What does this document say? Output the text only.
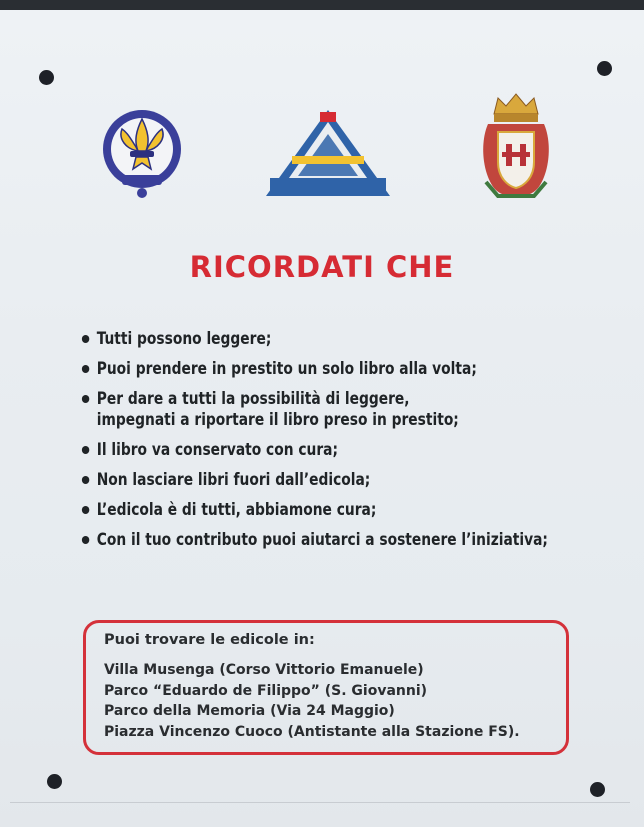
RICORDATI CHE
Tutti possono leggere;
Puoi prendere in prestito un solo libro alla volta;
Per dare a tutti la possibilità di leggere,
impegnati a riportare il libro preso in prestito;
Il libro va conservato con cura;
Non lasciare libri fuori dall’edicola;
L’edicola è di tutti, abbiamone cura;
Con il tuo contributo puoi aiutarci a sostenere l’iniziativa;

Puoi trovare le edicole in:

Villa Musenga (Corso Vittorio Emanuele)
Parco “Eduardo de Filippo” (S. Giovanni)
Parco della Memoria (Via 24 Maggio)
Piazza Vincenzo Cuoco (Antistante alla Stazione FS).
